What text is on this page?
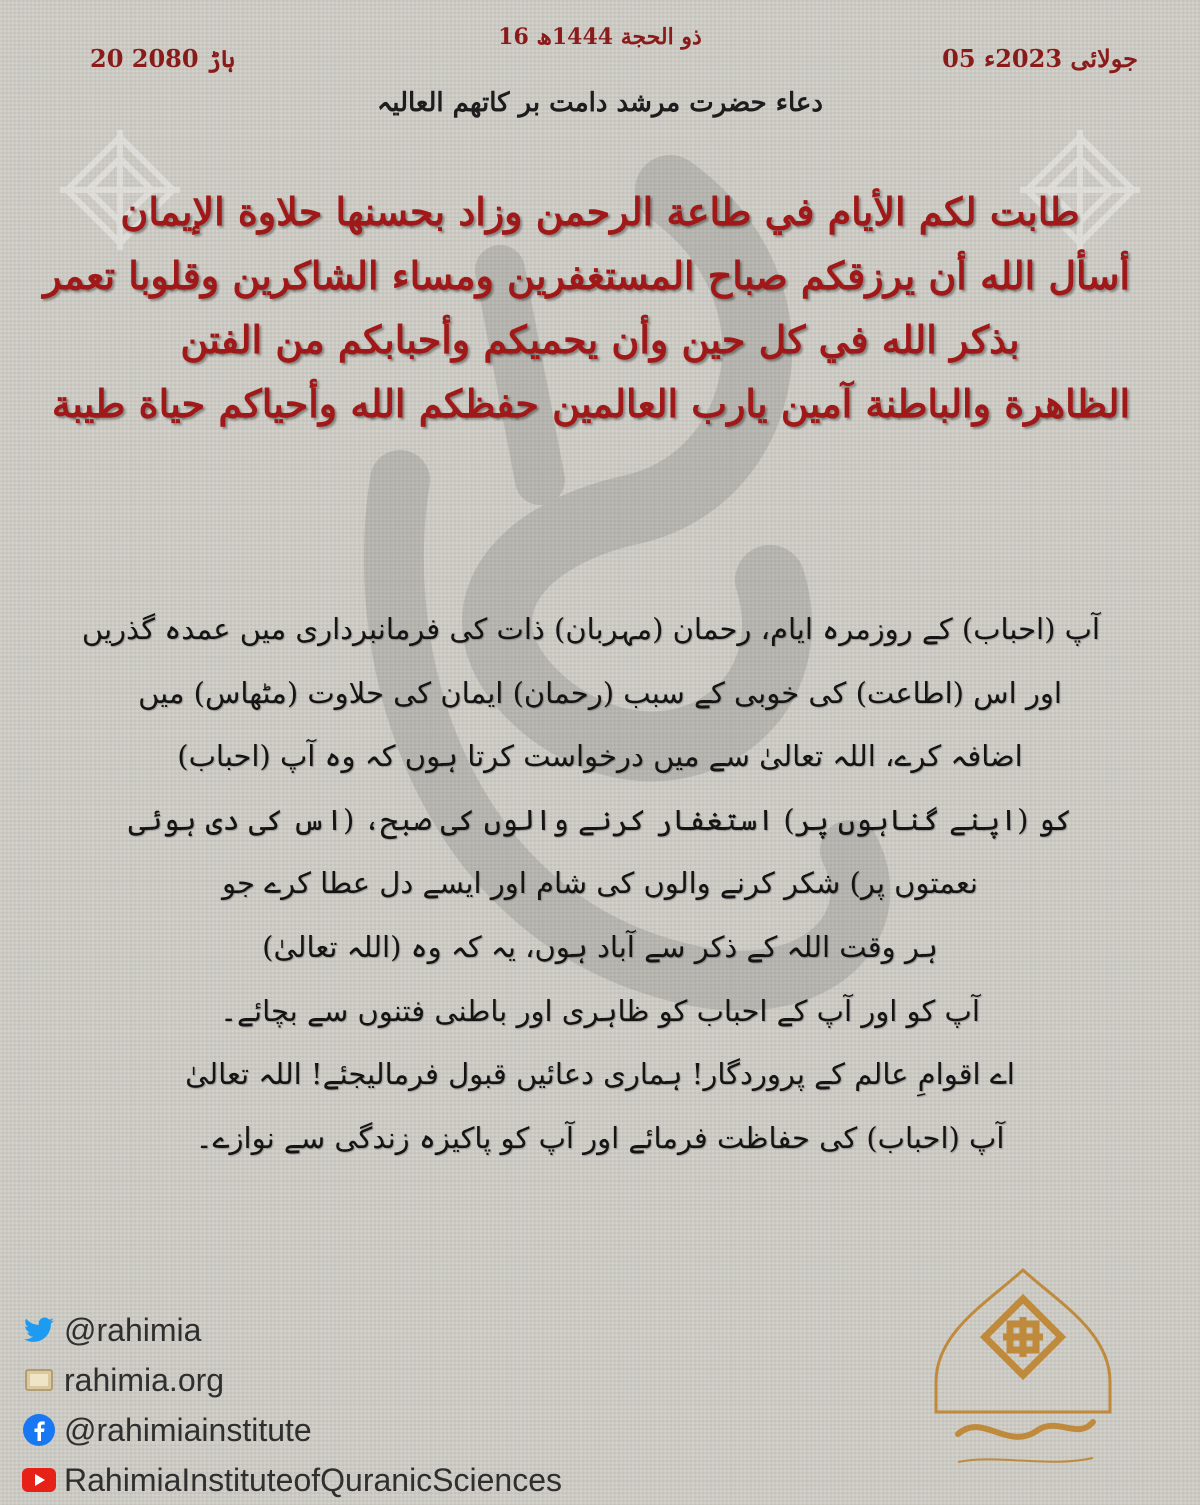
05 جولائی 2023ء
16 ذو الحجة 1444ھ
20 ہاڑ 2080
دعاء حضرت مرشد دامت بر کاتھم العالیہ
طابت لكم الأيام في طاعة الرحمن وزاد بحسنها حلاوة الإيمان
أسأل الله أن يرزقكم صباح المستغفرين ومساء الشاكرين وقلوبا تعمر
بذكر الله في كل حين وأن يحميكم وأحبابكم من الفتن
الظاهرة والباطنة آمين يارب العالمين حفظكم الله وأحياكم حياة طيبة
آپ (احباب) کے روزمرہ ایام، رحمان (مہربان) ذات کی فرمانبرداری میں عمدہ گذریں
اور اس (اطاعت) کی خوبی کے سبب (رحمان) ایمان کی حلاوت (مٹھاس) میں
اضافہ کرے، اللہ تعالیٰ سے میں درخواست کرتا ہوں کہ وہ آپ (احباب)
کو (اپنے گناہوں پر) استغفار کرنے والوں کی صبح، (اس کی دی ہوئی
نعمتوں پر) شکر کرنے والوں کی شام اور ایسے دل عطا کرے جو
ہر وقت اللہ کے ذکر سے آباد ہوں، یہ کہ وہ (اللہ تعالیٰ)
آپ کو اور آپ کے احباب کو ظاہری اور باطنی فتنوں سے بچائے۔
اے اقوامِ عالم کے پروردگار! ہماری دعائیں قبول فرمالیجئے! اللہ تعالیٰ
آپ (احباب) کی حفاظت فرمائے اور آپ کو پاکیزہ زندگی سے نوازے۔
@rahimia
rahimia.org
@rahimiainstitute
RahimiaInstituteofQuranicSciences
